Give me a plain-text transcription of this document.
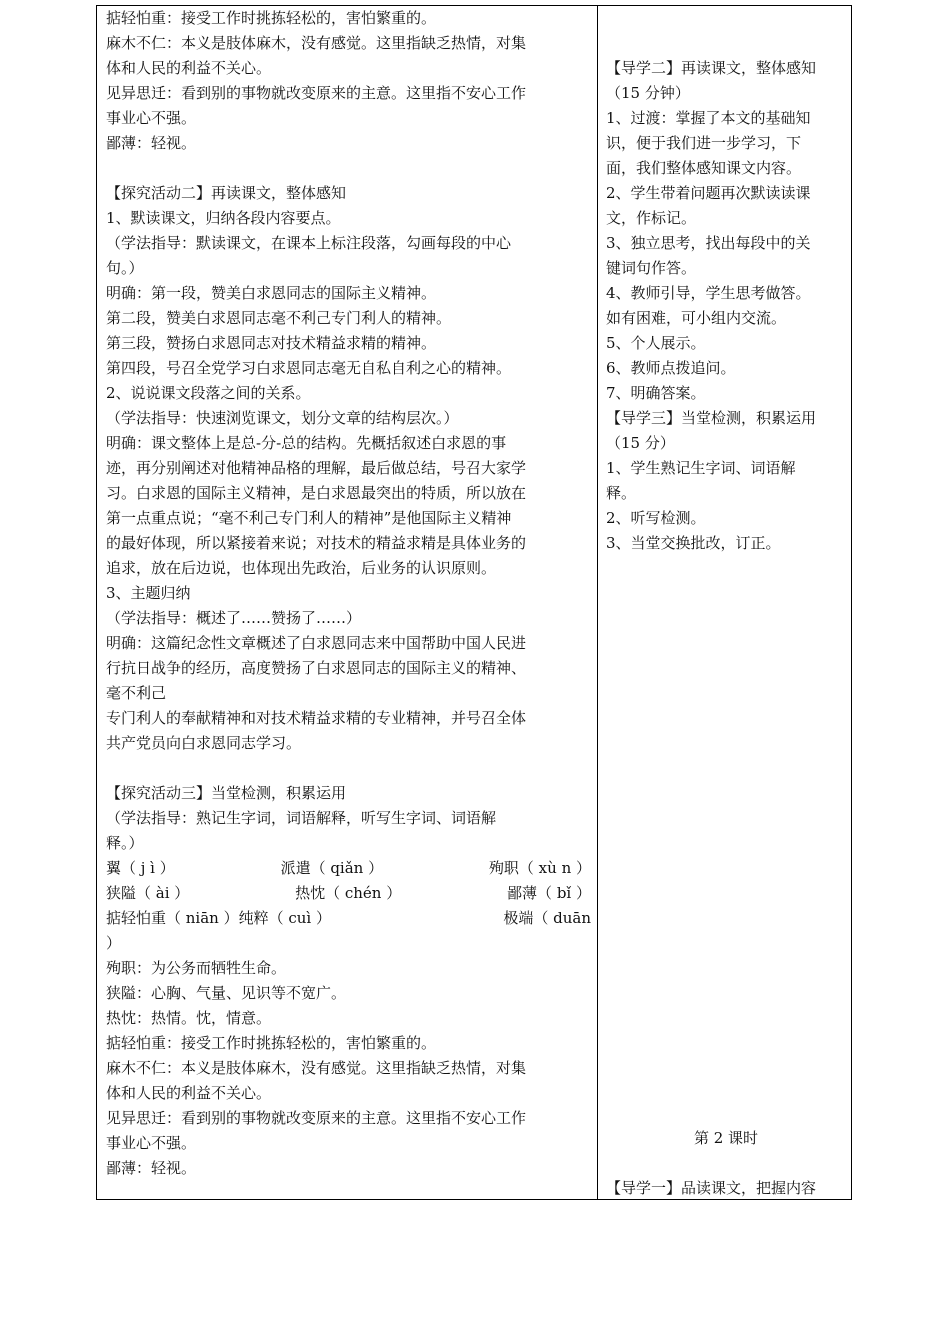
掂轻怕重：接受工作时挑拣轻松的，害怕繁重的。
麻木不仁：本义是肢体麻木，没有感觉。这里指缺乏热情，对集
体和人民的利益不关心。
见异思迁：看到别的事物就改变原来的主意。这里指不安心工作
事业心不强。
鄙薄：轻视。
【探究活动二】再读课文，整体感知
1、默读课文，归纳各段内容要点。
（学法指导：默读课文，在课本上标注段落，勾画每段的中心
句。）
明确：第一段，赞美白求恩同志的国际主义精神。
第二段，赞美白求恩同志毫不利己专门利人的精神。
第三段，赞扬白求恩同志对技术精益求精的精神。
第四段，号召全党学习白求恩同志毫无自私自利之心的精神。
2、说说课文段落之间的关系。
（学法指导：快速浏览课文，划分文章的结构层次。）
明确：课文整体上是总-分-总的结构。先概括叙述白求恩的事
迹，再分别阐述对他精神品格的理解，最后做总结，号召大家学
习。白求恩的国际主义精神，是白求恩最突出的特质，所以放在
第一点重点说；“毫不利己专门利人的精神”是他国际主义精神
的最好体现，所以紧接着来说；对技术的精益求精是具体业务的
追求，放在后边说，也体现出先政治，后业务的认识原则。
3、主题归纳
（学法指导：概述了……赞扬了……）
明确：这篇纪念性文章概述了白求恩同志来中国帮助中国人民进
行抗日战争的经历，高度赞扬了白求恩同志的国际主义的精神、
毫不利己
专门利人的奉献精神和对技术精益求精的专业精神，并号召全体
共产党员向白求恩同志学习。
【探究活动三】当堂检测，积累运用
（学法指导：熟记生字词，词语解释，听写生字词、词语解
释。）
翼（ j ì ）	派遣（ qiǎn ）	殉职（ xù n ）
狭隘（ ài ）	热忱（ chén ）	鄙薄（ bǐ ）
掂轻怕重（ niān ）纯粹（ cuì ）	极端（ duān
）
殉职：为公务而牺牲生命。
狭隘：心胸、气量、见识等不宽广。
热忱：热情。忱，情意。
掂轻怕重：接受工作时挑拣轻松的，害怕繁重的。
麻木不仁：本义是肢体麻木，没有感觉。这里指缺乏热情，对集
体和人民的利益不关心。
见异思迁：看到别的事物就改变原来的主意。这里指不安心工作
事业心不强。
鄙薄：轻视。
【导学二】再读课文，整体感知
（15 分钟）
1、过渡：掌握了本文的基础知
识，便于我们进一步学习，下
面，我们整体感知课文内容。
2、学生带着问题再次默读读课
文，作标记。
3、独立思考，找出每段中的关
键词句作答。
4、教师引导，学生思考做答。
如有困难，可小组内交流。
5、个人展示。
6、教师点拨追问。
7、明确答案。
【导学三】当堂检测，积累运用
（15 分）
1、学生熟记生字词、词语解
释。
2、听写检测。
3、当堂交换批改，订正。
第 2 课时
【导学一】品读课文，把握内容
